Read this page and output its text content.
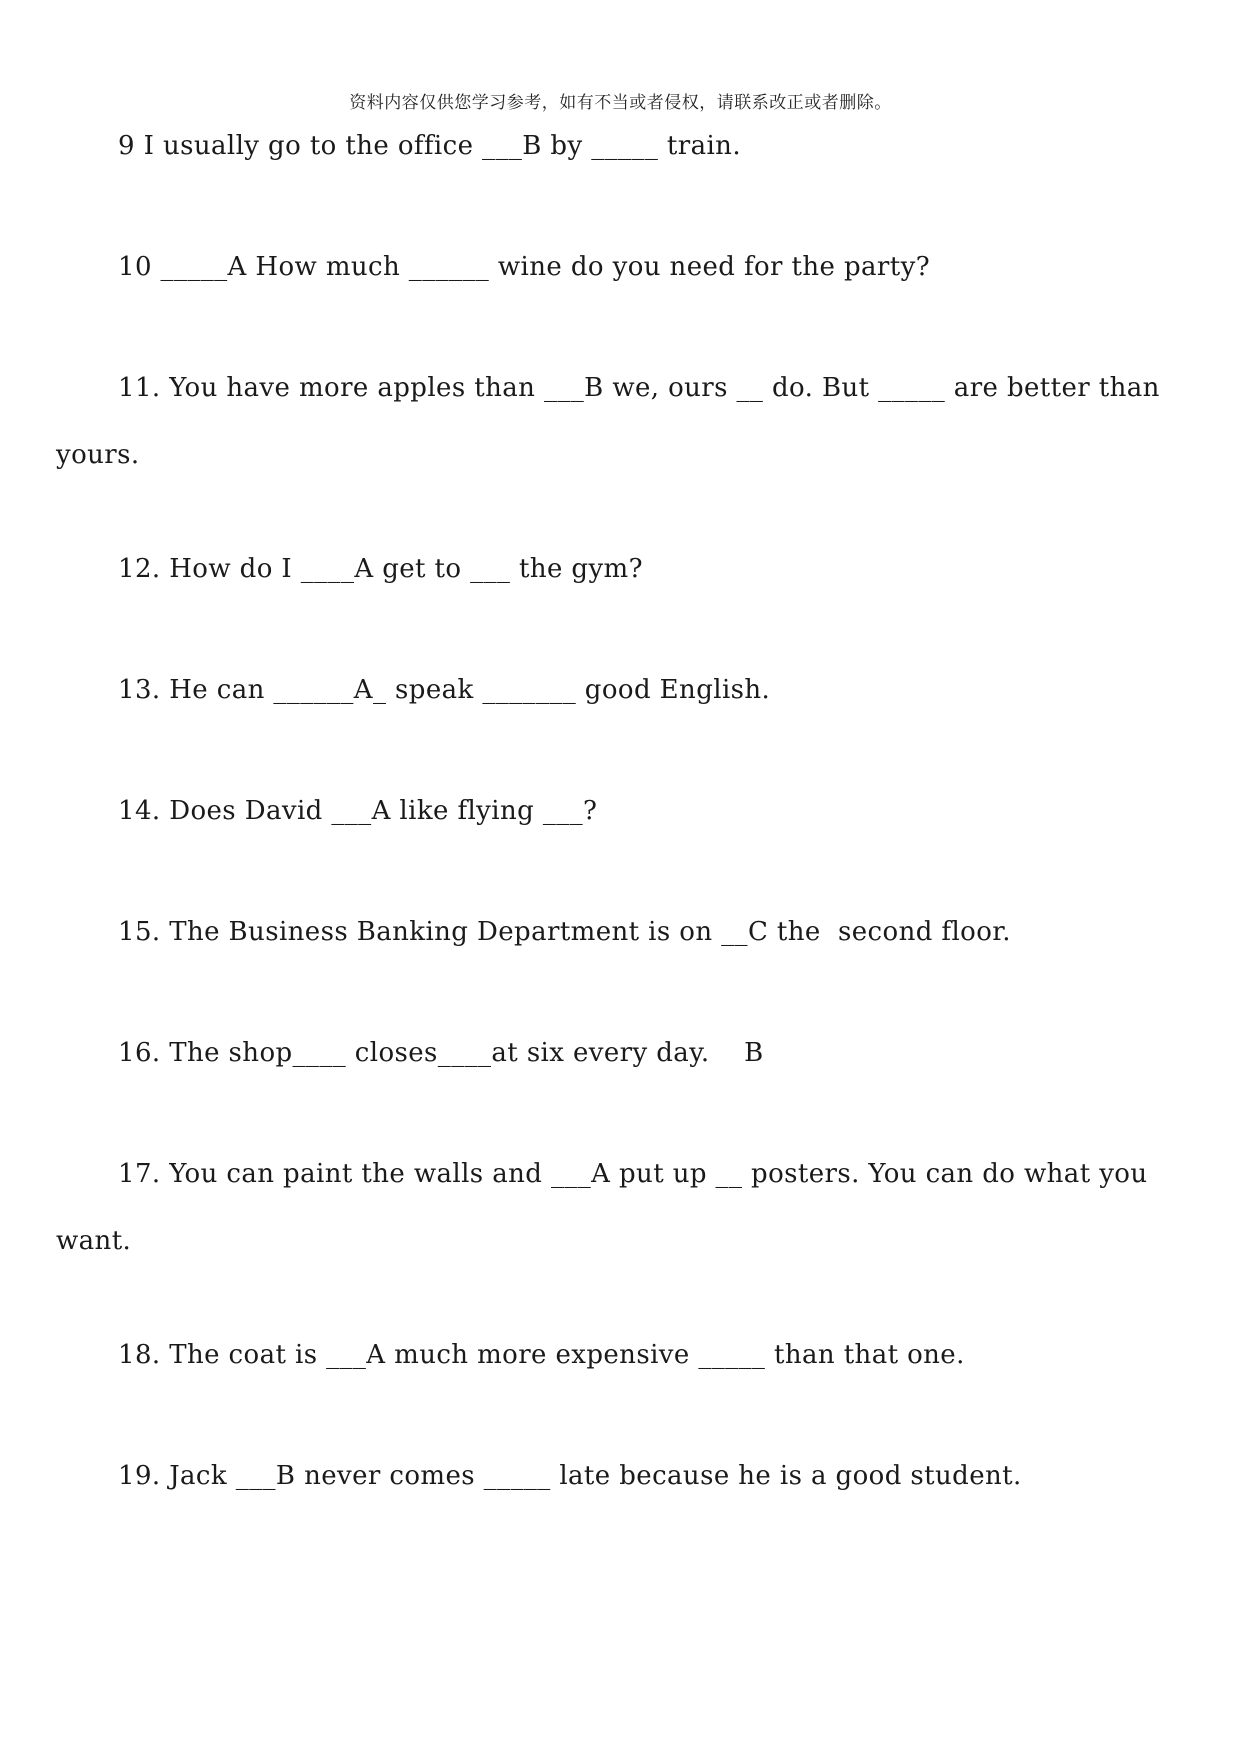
资料内容仅供您学习参考，如有不当或者侵权，请联系改正或者删除。
9 I usually go to the office ___B by _____ train.
10 _____A How much ______ wine do you need for the party?
11. You have more apples than ___B we, ours __ do. But _____ are better than yours.
12. How do I ____A get to ___ the gym?
13. He can ______A_ speak _______ good English.
14. Does David ___A like flying ___?
15. The Business Banking Department is on __C the  second floor.
16. The shop____ closes____at six every day.    B
17. You can paint the walls and ___A put up __ posters. You can do what you want.
18. The coat is ___A much more expensive _____ than that one.
19. Jack ___B never comes _____ late because he is a good student.
